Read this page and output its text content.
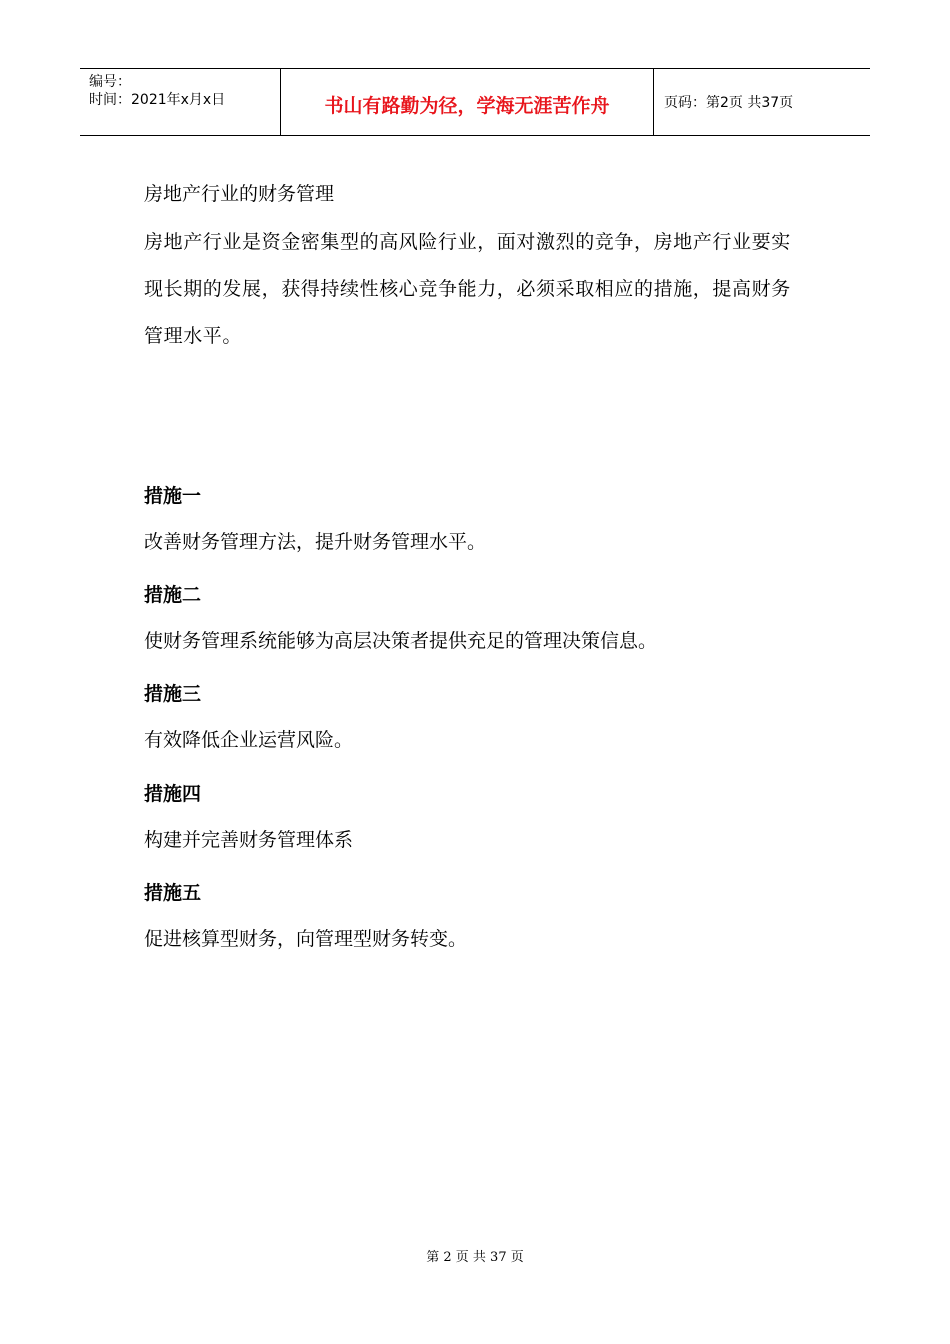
编号：
时间：2021年x月x日	书山有路勤为径，学海无涯苦作舟	页码：第2页 共37页
房地产行业的财务管理
房地产行业是资金密集型的高风险行业，面对激烈的竞争，房地产行业要实现长期的发展，获得持续性核心竞争能力，必须采取相应的措施，提高财务管理水平。
措施一
改善财务管理方法，提升财务管理水平。
措施二
使财务管理系统能够为高层决策者提供充足的管理决策信息。
措施三
有效降低企业运营风险。
措施四
构建并完善财务管理体系
措施五
促进核算型财务，向管理型财务转变。
第 2 页 共 37 页
